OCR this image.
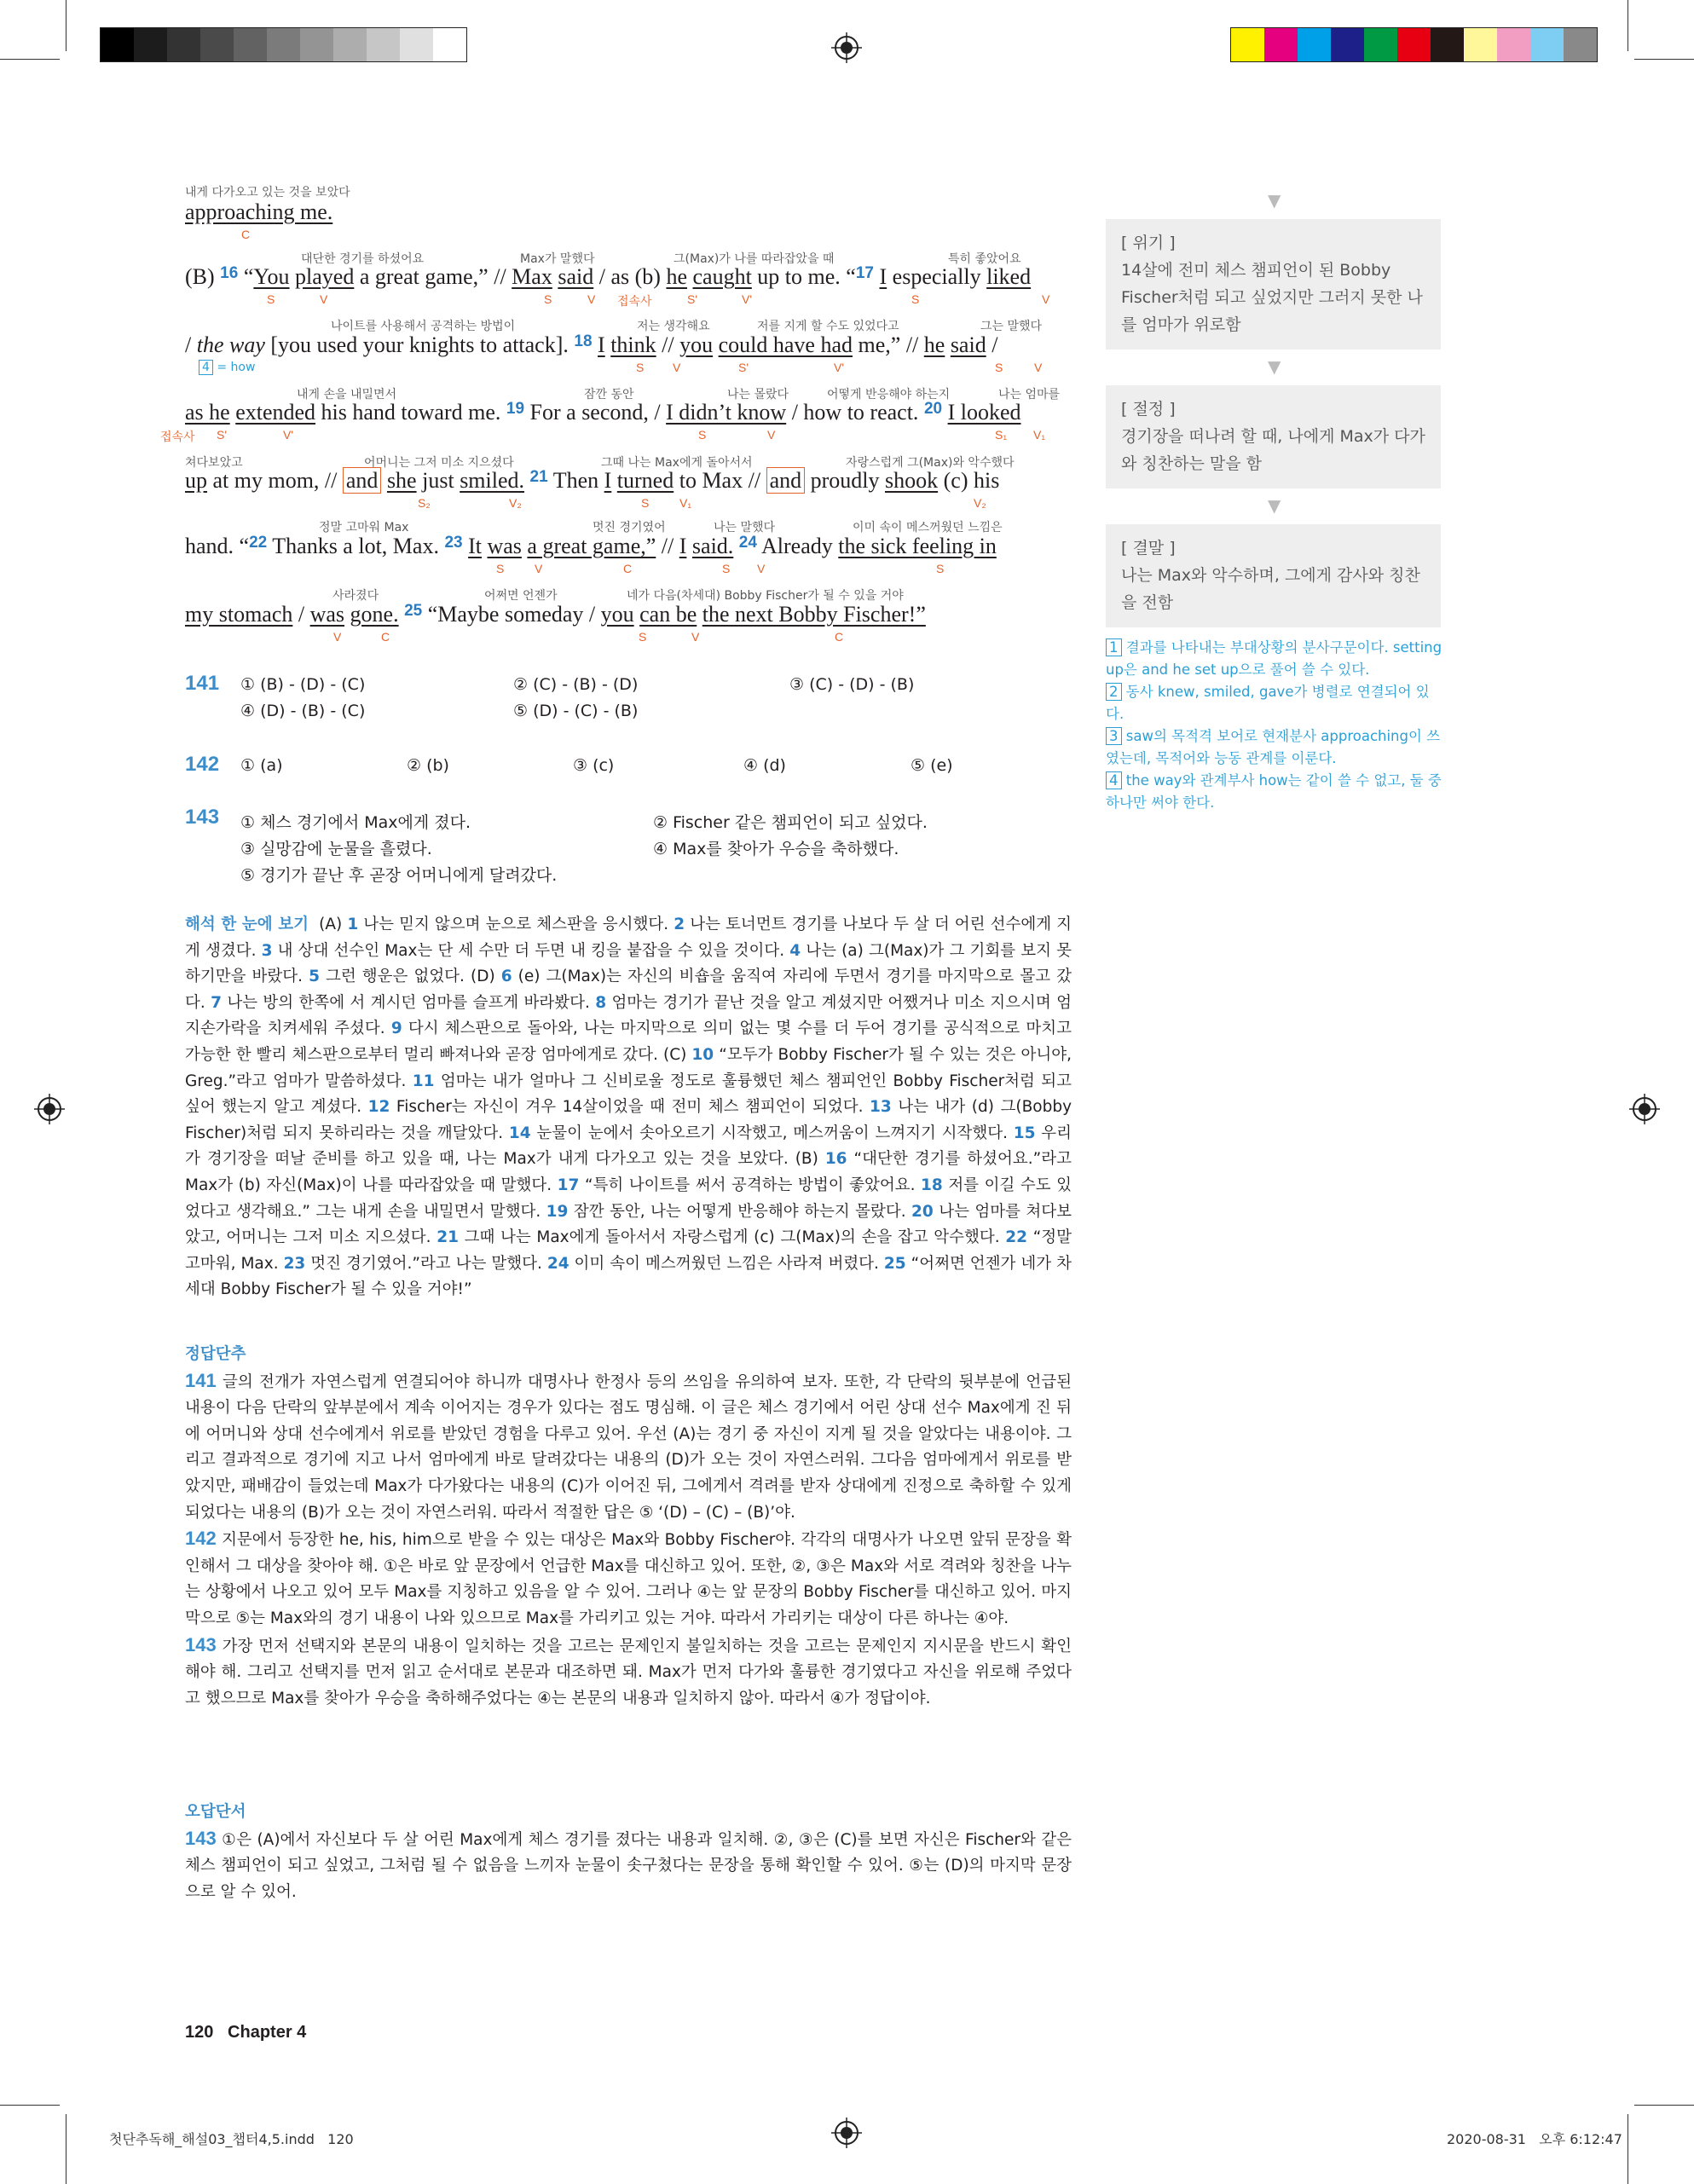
내게 다가오고 있는 것을 보았다
approaching me.
C
대단한 경기를 하셨어요	Max가 말했다	그(Max)가 나를 따라잡았을 때	특히 좋았어요
(B) $^{16}$ “You played a great game,” // Max said / as (b) he caught up to me. “$^{17}$ I especially liked
S	V	S	V 접속사	S'	V'	S	V
나이트를 사용해서 공격하는 방법이	저는 생각해요	저를 지게 할 수도 있었다고	그는 말했다
/ the way [you used your knights to attack]. $^{18}$ I think // you could have had me,” // he said /
4 = how	S V	S'	V'	S	V
내게 손을 내밀면서	잠깐 동안	나는 몰랐다	어떻게 반응해야 하는지	나는 엄마를
as he extended his hand toward me. $^{19}$ For a second, / I didn’t know / how to react. $^{20}$ I looked
접속사 S'	V'	S	V	S₁ V₁
쳐다보았고	어머니는 그저 미소 지으셨다	그때 나는 Max에게 돌아서서	자랑스럽게 그(Max)와 악수했다
up at my mom, // and she just smiled. $^{21}$ Then I turned to Max // and proudly shook (c) his
S₂	V₂	S	V₁	V₂
정말 고마워 Max	멋진 경기였어	나는 말했다	이미 속이 메스꺼웠던 느낌은
hand. “$^{22}$ Thanks a lot, Max. $^{23}$ It was a great game,” // I said. $^{24}$ Already the sick feeling in
S	V	C	S V	S
사라졌다	어쩌면 언젠가	네가 다음(차세대) Bobby Fischer가 될 수 있을 거야
my stomach / was gone. $^{25}$ “Maybe someday / you can be the next Bobby Fischer!”
V	C	S	V	C
141 ① (B) - (D) - (C)	② (C) - (B) - (D)	③ (C) - (D) - (B)
④ (D) - (B) - (C)	⑤ (D) - (C) - (B)
142 ① (a)	② (b)	③ (c)	④ (d)	⑤ (e)
143 ① 체스 경기에서 Max에게 졌다.	② Fischer 같은 챔피언이 되고 싶었다.
③ 실망감에 눈물을 흘렸다.	④ Max를 찾아가 우승을 축하했다.
⑤ 경기가 끝난 후 곧장 어머니에게 달려갔다.
해석 한 눈에 보기 (A) 1 나는 믿지 않으며 눈으로 체스판을 응시했다. 2 나는 토너먼트 경기를 나보다 두 살 더 어린 선수에게 지게 생겼다. 3 내 상대 선수인 Max는 단 세 수만 더 두면 내 킹을 붙잡을 수 있을 것이다. 4 나는 (a) 그(Max)가 그 기회를 보지 못하기만을 바랐다. 5 그런 행운은 없었다. (D) 6 (e) 그(Max)는 자신의 비숍을 움직여 자리에 두면서 경기를 마지막으로 몰고 갔다. 7 나는 방의 한쪽에 서 계시던 엄마를 슬프게 바라봤다. 8 엄마는 경기가 끝난 것을 알고 계셨지만 어쨌거나 미소 지으시며 엄지손가락을 치켜세워 주셨다. 9 다시 체스판으로 돌아와, 나는 마지막으로 의미 없는 몇 수를 더 두어 경기를 공식적으로 마치고 가능한 한 빨리 체스판으로부터 멀리 빠져나와 곧장 엄마에게로 갔다. (C) 10 “모두가 Bobby Fischer가 될 수 있는 것은 아니야, Greg.”라고 엄마가 말씀하셨다. 11 엄마는 내가 얼마나 그 신비로울 정도로 훌륭했던 체스 챔피언인 Bobby Fischer처럼 되고 싶어 했는지 알고 계셨다. 12 Fischer는 자신이 겨우 14살이었을 때 전미 체스 챔피언이 되었다. 13 나는 내가 (d) 그(Bobby Fischer)처럼 되지 못하리라는 것을 깨달았다. 14 눈물이 눈에서 솟아오르기 시작했고, 메스꺼움이 느껴지기 시작했다. 15 우리가 경기장을 떠날 준비를 하고 있을 때, 나는 Max가 내게 다가오고 있는 것을 보았다. (B) 16 “대단한 경기를 하셨어요.”라고 Max가 (b) 자신(Max)이 나를 따라잡았을 때 말했다. 17 “특히 나이트를 써서 공격하는 방법이 좋았어요. 18 저를 이길 수도 있었다고 생각해요.” 그는 내게 손을 내밀면서 말했다. 19 잠깐 동안, 나는 어떻게 반응해야 하는지 몰랐다. 20 나는 엄마를 쳐다보았고, 어머니는 그저 미소 지으셨다. 21 그때 나는 Max에게 돌아서서 자랑스럽게 (c) 그(Max)의 손을 잡고 악수했다. 22 “정말 고마워, Max. 23 멋진 경기였어.”라고 나는 말했다. 24 이미 속이 메스꺼웠던 느낌은 사라져 버렸다. 25 “어쩌면 언젠가 네가 차세대 Bobby Fischer가 될 수 있을 거야!”
정답단추
141 글의 전개가 자연스럽게 연결되어야 하니까 대명사나 한정사 등의 쓰임을 유의하여 보자. 또한, 각 단락의 뒷부분에 언급된 내용이 다음 단락의 앞부분에서 계속 이어지는 경우가 있다는 점도 명심해. 이 글은 체스 경기에서 어린 상대 선수 Max에게 진 뒤에 어머니와 상대 선수에게서 위로를 받았던 경험을 다루고 있어. 우선 (A)는 경기 중 자신이 지게 될 것을 알았다는 내용이야. 그리고 결과적으로 경기에 지고 나서 엄마에게 바로 달려갔다는 내용의 (D)가 오는 것이 자연스러워. 그다음 엄마에게서 위로를 받았지만, 패배감이 들었는데 Max가 다가왔다는 내용의 (C)가 이어진 뒤, 그에게서 격려를 받자 상대에게 진정으로 축하할 수 있게 되었다는 내용의 (B)가 오는 것이 자연스러워. 따라서 적절한 답은 ⑤ ‘(D) – (C) – (B)’야.
142 지문에서 등장한 he, his, him으로 받을 수 있는 대상은 Max와 Bobby Fischer야. 각각의 대명사가 나오면 앞뒤 문장을 확인해서 그 대상을 찾아야 해. ①은 바로 앞 문장에서 언급한 Max를 대신하고 있어. 또한, ②, ③은 Max와 서로 격려와 칭찬을 나누는 상황에서 나오고 있어 모두 Max를 지칭하고 있음을 알 수 있어. 그러나 ④는 앞 문장의 Bobby Fischer를 대신하고 있어. 마지막으로 ⑤는 Max와의 경기 내용이 나와 있으므로 Max를 가리키고 있는 거야. 따라서 가리키는 대상이 다른 하나는 ④야.
143 가장 먼저 선택지와 본문의 내용이 일치하는 것을 고르는 문제인지 불일치하는 것을 고르는 문제인지 지시문을 반드시 확인해야 해. 그리고 선택지를 먼저 읽고 순서대로 본문과 대조하면 돼. Max가 먼저 다가와 훌륭한 경기였다고 자신을 위로해 주었다고 했으므로 Max를 찾아가 우승을 축하해주었다는 ④는 본문의 내용과 일치하지 않아. 따라서 ④가 정답이야.
오답단서
143 ①은 (A)에서 자신보다 두 살 어린 Max에게 체스 경기를 졌다는 내용과 일치해. ②, ③은 (C)를 보면 자신은 Fischer와 같은 체스 챔피언이 되고 싶었고, 그처럼 될 수 없음을 느끼자 눈물이 솟구쳤다는 문장을 통해 확인할 수 있어. ⑤는 (D)의 마지막 문장으로 알 수 있어.
▼
[ 위기 ]
14살에 전미 체스 챔피언이 된 Bobby Fischer처럼 되고 싶었지만 그러지 못한 나를 엄마가 위로함
▼
[ 절정 ]
경기장을 떠나려 할 때, 나에게 Max가 다가와 칭찬하는 말을 함
▼
[ 결말 ]
나는 Max와 악수하며, 그에게 감사와 칭찬을 전함
1 결과를 나타내는 부대상황의 분사구문이다. setting up은 and he set up으로 풀어 쓸 수 있다.
2 동사 knew, smiled, gave가 병렬로 연결되어 있다.
3 saw의 목적격 보어로 현재분사 approaching이 쓰였는데, 목적어와 능동 관계를 이룬다.
4 the way와 관계부사 how는 같이 쓸 수 없고, 둘 중 하나만 써야 한다.
120 Chapter 4
첫단추독해_해설03_챕터4,5.indd   120	2020-08-31   오후 6:12:47
